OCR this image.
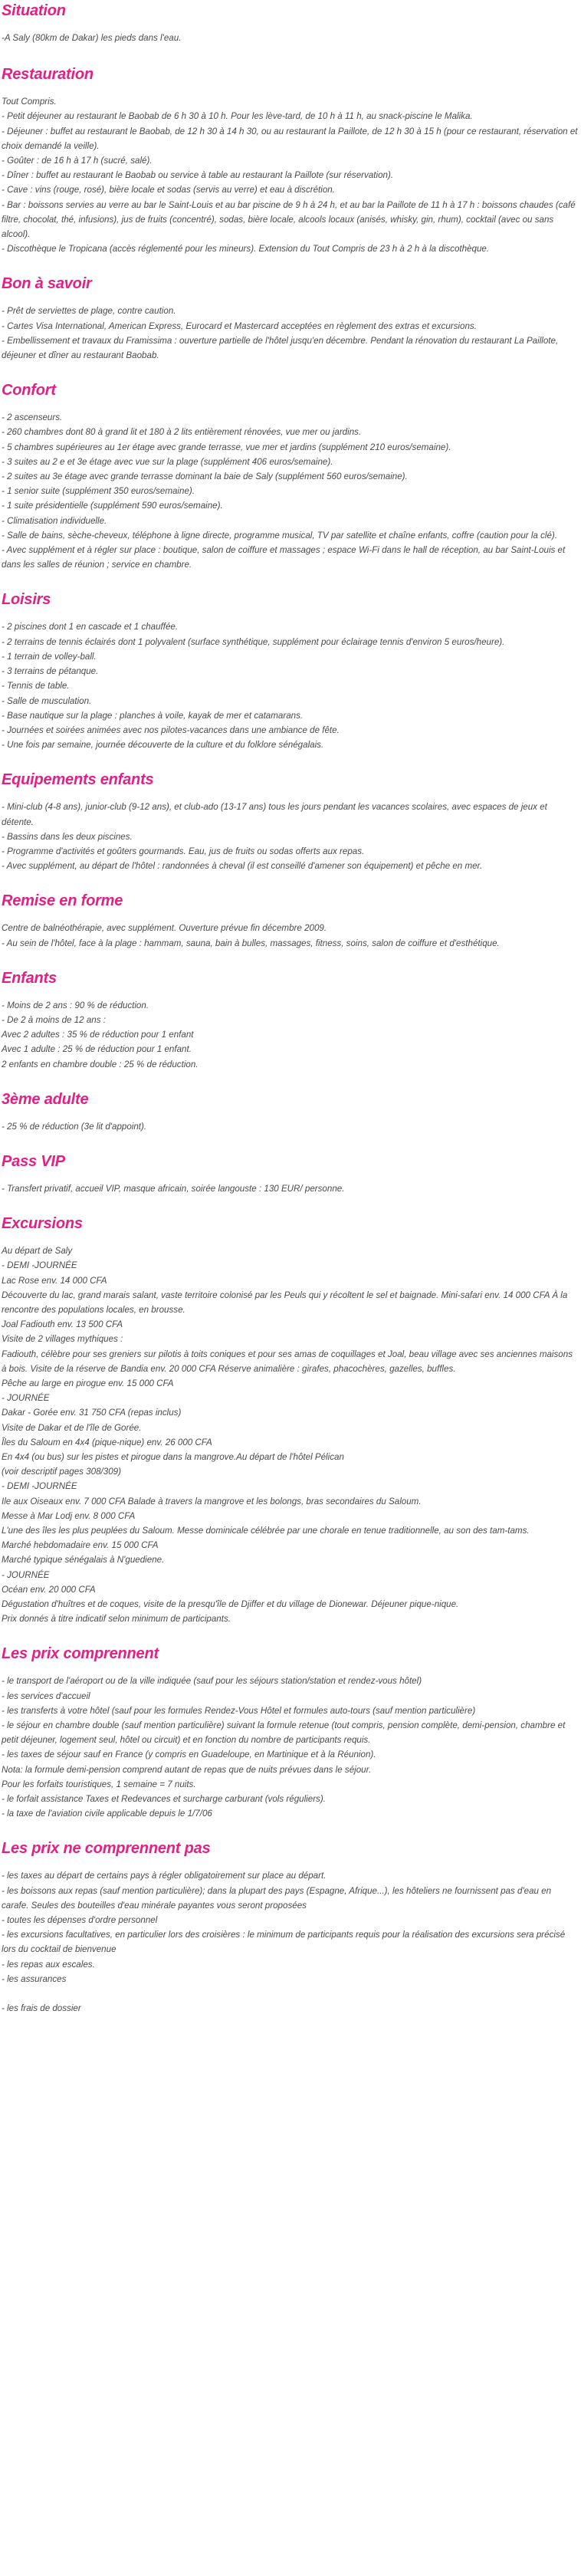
Situation
-A Saly (80km de Dakar) les pieds dans l'eau.
Restauration
Tout Compris.
- Petit déjeuner au restaurant le Baobab de 6 h 30 à 10 h. Pour les lève-tard, de 10 h à 11 h, au snack-piscine le Malika.
- Déjeuner : buffet au restaurant le Baobab, de 12 h 30 à 14 h 30, ou au restaurant la Paillote, de 12 h 30 à 15 h (pour ce restaurant, réservation et choix demandé la veille).
- Goûter : de 16 h à 17 h (sucré, salé).
- Dîner : buffet au restaurant le Baobab ou service à table au restaurant la Paillote (sur réservation).
- Cave : vins (rouge, rosé), bière locale et sodas (servis au verre) et eau à discrétion.
- Bar : boissons servies au verre au bar le Saint-Louis et au bar piscine de 9 h à 24 h, et au bar la Paillote de 11 h à 17 h : boissons chaudes (café filtre, chocolat, thé, infusions), jus de fruits (concentré), sodas, bière locale, alcools locaux (anisés, whisky, gin, rhum), cocktail (avec ou sans alcool).
- Discothèque le Tropicana (accès réglementé pour les mineurs). Extension du Tout Compris de 23 h à 2 h à la discothèque.
Bon à savoir
- Prêt de serviettes de plage, contre caution.
- Cartes Visa International, American Express, Eurocard et Mastercard acceptées en règlement des extras et excursions.
- Embellissement et travaux du Framissima : ouverture partielle de l'hôtel jusqu'en décembre. Pendant la rénovation du restaurant La Paillote, déjeuner et dîner au restaurant Baobab.
Confort
- 2 ascenseurs.
- 260 chambres dont 80 à grand lit et 180 à 2 lits entièrement rénovées, vue mer ou jardins.
- 5 chambres supérieures au 1er étage avec grande terrasse, vue mer et jardins (supplément 210 euros/semaine).
- 3 suites au 2 e et 3e étage avec vue sur la plage (supplément 406 euros/semaine).
- 2 suites au 3e étage avec grande terrasse dominant la baie de Saly (supplément 560 euros/semaine).
- 1 senior suite (supplément 350 euros/semaine).
- 1 suite présidentielle (supplément 590 euros/semaine).
- Climatisation individuelle.
- Salle de bains, sèche-cheveux, téléphone à ligne directe, programme musical, TV par satellite et chaîne enfants, coffre (caution pour la clé).
- Avec supplément et à régler sur place : boutique, salon de coiffure et massages ; espace Wi-Fi dans le hall de réception, au bar Saint-Louis et dans les salles de réunion ; service en chambre.
Loisirs
- 2 piscines dont 1 en cascade et 1 chauffée.
- 2 terrains de tennis éclairés dont 1 polyvalent (surface synthétique, supplément pour éclairage tennis d'environ 5 euros/heure).
- 1 terrain de volley-ball.
- 3 terrains de pétanque.
- Tennis de table.
- Salle de musculation.
- Base nautique sur la plage : planches à voile, kayak de mer et catamarans.
- Journées et soirées animées avec nos pilotes-vacances dans une ambiance de fête.
- Une fois par semaine, journée découverte de la culture et du folklore sénégalais.
Equipements enfants
- Mini-club (4-8 ans), junior-club (9-12 ans), et club-ado (13-17 ans) tous les jours pendant les vacances scolaires, avec espaces de jeux et détente.
- Bassins dans les deux piscines.
- Programme d'activités et goûters gourmands. Eau, jus de fruits ou sodas offerts aux repas.
- Avec supplément, au départ de l'hôtel : randonnées à cheval (il est conseillé d'amener son équipement) et pêche en mer.
Remise en forme
Centre de balnéothérapie, avec supplément. Ouverture prévue fin décembre 2009.
- Au sein de l'hôtel, face à la plage : hammam, sauna, bain à bulles, massages, fitness, soins, salon de coiffure et d'esthétique.
Enfants
- Moins de 2 ans : 90 % de réduction.
- De 2 à moins de 12 ans :
Avec 2 adultes : 35 % de réduction pour 1 enfant
Avec 1 adulte : 25 % de réduction pour 1 enfant.
2 enfants en chambre double : 25 % de réduction.
3ème adulte
- 25 % de réduction (3e lit d'appoint).
Pass VIP
- Transfert privatif, accueil VIP, masque africain, soirée langouste : 130 EUR/ personne.
Excursions
Au départ de Saly
- DEMI -JOURNÉE
Lac Rose env. 14 000 CFA
Découverte du lac, grand marais salant, vaste territoire colonisé par les Peuls qui y récoltent le sel et baignade. Mini-safari env. 14 000 CFA À la rencontre des populations locales, en brousse.
Joal Fadiouth env. 13 500 CFA
Visite de 2 villages mythiques :
Fadiouth, célèbre pour ses greniers sur pilotis à toits coniques et pour ses amas de coquillages et Joal, beau village avec ses anciennes maisons à bois. Visite de la réserve de Bandia env. 20 000 CFA Réserve animalière : girafes, phacochères, gazelles, buffles.
Pêche au large en pirogue env. 15 000 CFA
- JOURNÉE
Dakar - Gorée env. 31 750 CFA (repas inclus)
Visite de Dakar et de l'île de Gorée.
Îles du Saloum en 4x4 (pique-nique) env. 26 000 CFA
En 4x4 (ou bus) sur les pistes et pirogue dans la mangrove.Au départ de l'hôtel Pélican
(voir descriptif pages 308/309)
- DEMI -JOURNÉE
Ile aux Oiseaux env. 7 000 CFA Balade à travers la mangrove et les bolongs, bras secondaires du Saloum.
Messe à Mar Lodj env. 8 000 CFA
L'une des îles les plus peuplées du Saloum. Messe dominicale célébrée par une chorale en tenue traditionnelle, au son des tam-tams.
Marché hebdomadaire env. 15 000 CFA
Marché typique sénégalais à N'guediene.
- JOURNÉE
Océan env. 20 000 CFA
Dégustation d'huîtres et de coques, visite de la presqu'île de Djiffer et du village de Dionewar. Déjeuner pique-nique.
Prix donnés à titre indicatif selon minimum de participants.
Les prix comprennent
- le transport de l'aéroport ou de la ville indiquée (sauf pour les séjours station/station et rendez-vous hôtel)
- les services d'accueil
- les transferts à votre hôtel (sauf pour les formules Rendez-Vous Hôtel et formules auto-tours (sauf mention particulière)
- le séjour en chambre double (sauf mention particulière) suivant la formule retenue (tout compris, pension complète, demi-pension, chambre et petit déjeuner, logement seul, hôtel ou circuit) et en fonction du nombre de participants requis.
- les taxes de séjour sauf en France (y compris en Guadeloupe, en Martinique et à la Réunion).
Nota: la formule demi-pension comprend autant de repas que de nuits prévues dans le séjour.
Pour les forfaits touristiques, 1 semaine = 7 nuits.
- le forfait assistance Taxes et Redevances et surcharge carburant (vols réguliers).
- la taxe de l'aviation civile applicable depuis le 1/7/06
Les prix ne comprennent pas
- les taxes au départ de certains pays à régler obligatoirement sur place au départ.
- les boissons aux repas (sauf mention particulière); dans la plupart des pays (Espagne, Afrique...), les hôteliers ne fournissent pas d'eau en carafe. Seules des bouteilles d'eau minérale payantes vous seront proposées
- toutes les dépenses d'ordre personnel
- les excursions facultatives, en particulier lors des croisières : le minimum de participants requis pour la réalisation des excursions sera précisé lors du cocktail de bienvenue
- les repas aux escales.
- les assurances
- les frais de dossier
